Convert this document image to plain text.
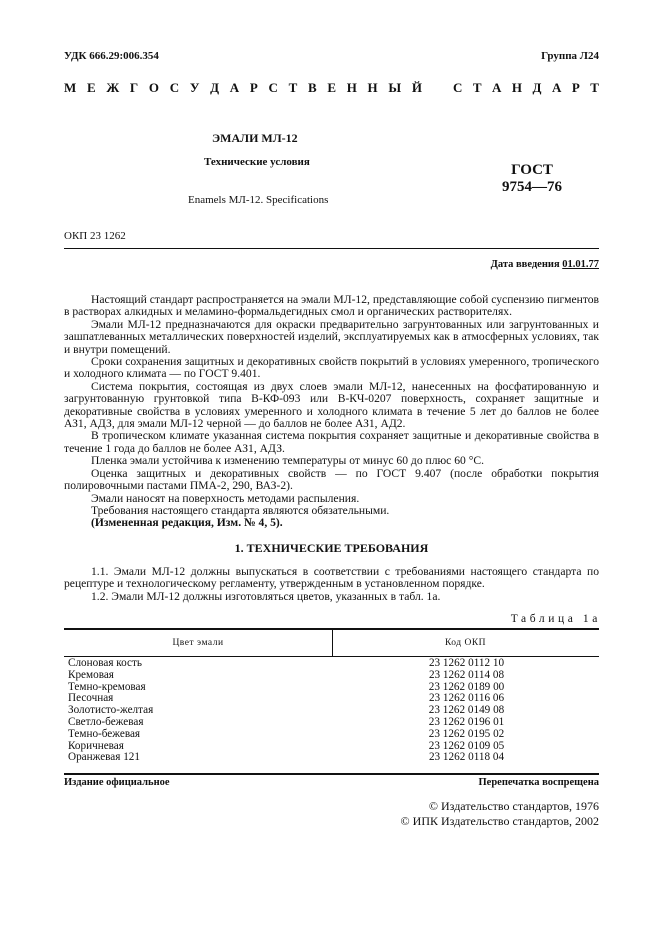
УДК 666.29:006.354	Группа Л24
М Е Ж Г О С У Д А Р С Т В Е Н Н Ы Й С Т А Н Д А Р Т
ЭМАЛИ МЛ-12
Технические условия
Enamels МЛ-12. Specifications
ГОСТ
9754—76
ОКП 23 1262
Дата введения 01.01.77

Настоящий стандарт распространяется на эмали МЛ-12, представляющие собой суспензию пигментов в растворах алкидных и меламино-формальдегидных смол и органических растворителях.

Эмали МЛ-12 предназначаются для окраски предварительно загрунтованных или загрунтованных и зашпатлеванных металлических поверхностей изделий, эксплуатируемых как в атмосферных условиях, так и внутри помещений.

Сроки сохранения защитных и декоративных свойств покрытий в условиях умеренного, тропического и холодного климата — по ГОСТ 9.401.

Система покрытия, состоящая из двух слоев эмали МЛ-12, нанесенных на фосфатированную и загрунтованную грунтовкой типа В-КФ-093 или В-КЧ-0207 поверхность, сохраняет защитные и декоративные свойства в условиях умеренного и холодного климата в течение 5 лет до баллов не более АЗ1, АДЗ, для эмали МЛ-12 черной — до баллов не более АЗ1, АД2.

В тропическом климате указанная система покрытия сохраняет защитные и декоративные свойства в течение 1 года до баллов не более АЗ1, АДЗ.

Пленка эмали устойчива к изменению температуры от минус 60 до плюс 60 °С.

Оценка защитных и декоративных свойств — по ГОСТ 9.407 (после обработки покрытия полировочными пастами ПМА-2, 290, ВАЗ-2).

Эмали наносят на поверхность методами распыления.

Требования настоящего стандарта являются обязательными.

(Измененная редакция, Изм. № 4, 5).

1. ТЕХНИЧЕСКИЕ ТРЕБОВАНИЯ

1.1. Эмали МЛ-12 должны выпускаться в соответствии с требованиями настоящего стандарта по рецептуре и технологическому регламенту, утвержденным в установленном порядке.

1.2. Эмали МЛ-12 должны изготовляться цветов, указанных в табл. 1а.

Таблица 1а
Цвет эмали	Код ОКП
Слоновая кость	23 1262 0112 10
Кремовая	23 1262 0114 08
Темно-кремовая	23 1262 0189 00
Песочная	23 1262 0116 06
Золотисто-желтая	23 1262 0149 08
Светло-бежевая	23 1262 0196 01
Темно-бежевая	23 1262 0195 02
Коричневая	23 1262 0109 05
Оранжевая 121	23 1262 0118 04
Издание официальное	Перепечатка воспрещена
© Издательство стандартов, 1976
© ИПК Издательство стандартов, 2002
